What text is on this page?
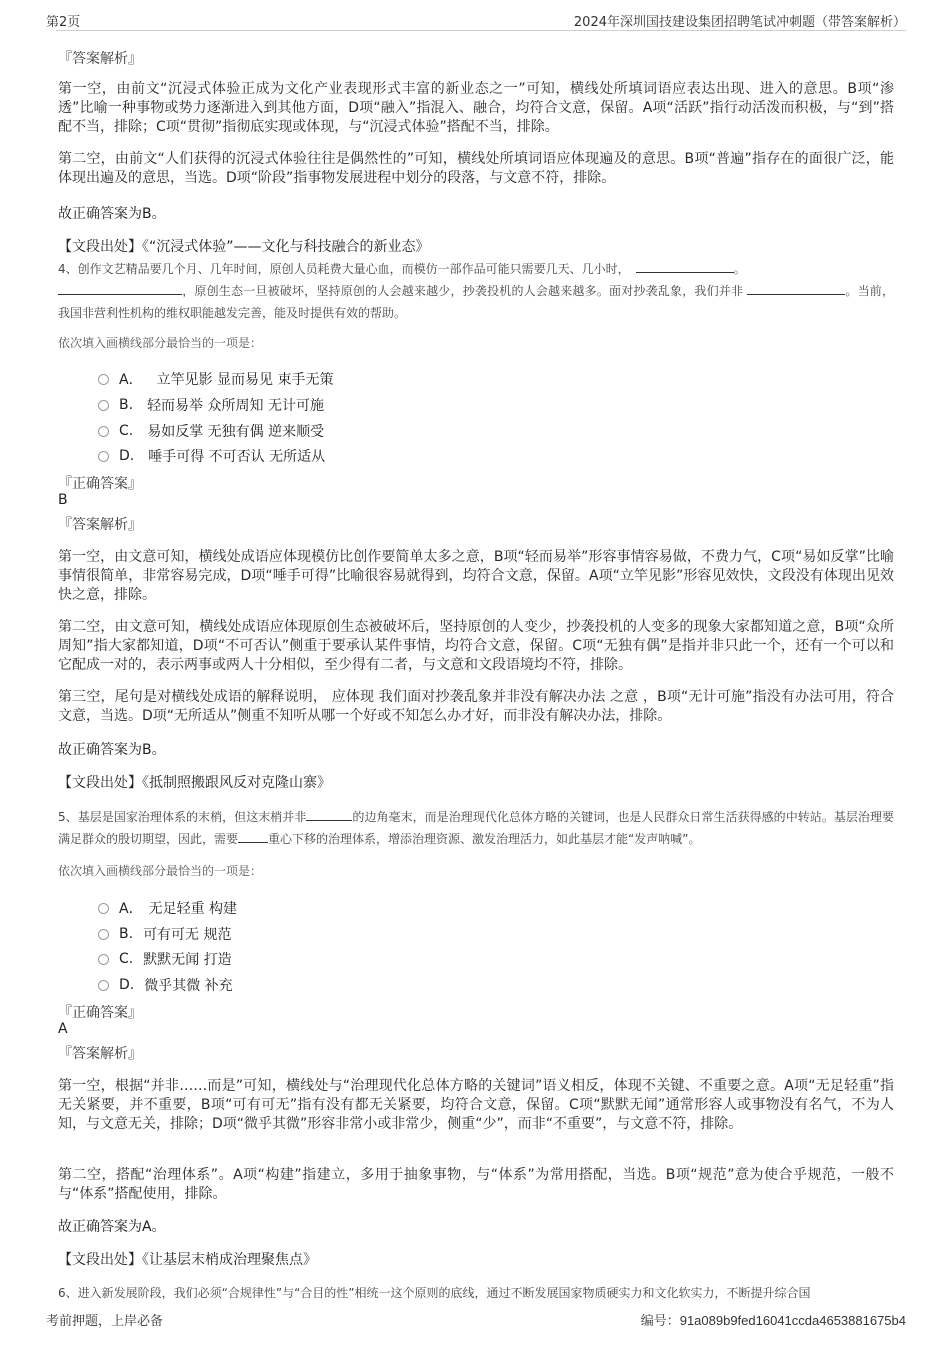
第2页	2024年深圳国技建设集团招聘笔试冲刺题（带答案解析）
『答案解析』
第一空，由前文“沉浸式体验正成为文化产业表现形式丰富的新业态之一”可知，横线处所填词语应表达出现、进入的意思。B项“渗透”比喻一种事物或势力逐渐进入到其他方面，D项“融入”指混入、融合，均符合文意，保留。A项“活跃”指行动活泼而积极，与“到”搭配不当，排除；C项“贯彻”指彻底实现或体现，与“沉浸式体验”搭配不当，排除。
第二空，由前文“人们获得的沉浸式体验往往是偶然性的”可知，横线处所填词语应体现遍及的意思。B项“普遍”指存在的面很广泛，能体现出遍及的意思，当选。D项“阶段”指事物发展进程中划分的段落，与文意不符，排除。
故正确答案为B。
【文段出处】《“沉浸式体验”——文化与科技融合的新业态》
4、创作文艺精品要几个月、几年时间，原创人员耗费大量心血，而模仿一部作品可能只需要几天、几小时，	。
，原创生态一旦被破坏，坚持原创的人会越来越少，抄袭投机的人会越来越多。面对抄袭乱象，我们并非	。当前，我国非营利性机构的维权职能越发完善，能及时提供有效的帮助。
依次填入画横线部分最恰当的一项是：
A． 立竿见影 显而易见 束手无策
B. 轻而易举 众所周知 无计可施
C. 易如反掌 无独有偶 逆来顺受
D. 唾手可得 不可否认 无所适从
『正确答案』
B
『答案解析』
第一空，由文意可知，横线处成语应体现模仿比创作要简单太多之意，B项“轻而易举”形容事情容易做，不费力气，C项“易如反掌”比喻事情很简单，非常容易完成，D项“唾手可得”比喻很容易就得到，均符合文意，保留。A项“立竿见影”形容见效快，文段没有体现出见效快之意，排除。
第二空，由文意可知，横线处成语应体现原创生态被破坏后，坚持原创的人变少，抄袭投机的人变多的现象大家都知道之意，B项“众所周知”指大家都知道，D项“不可否认”侧重于要承认某件事情，均符合文意，保留。C项“无独有偶”是指并非只此一个，还有一个可以和它配成一对的，表示两事或两人十分相似，至少得有二者，与文意和文段语境均不符，排除。
第三空，尾句是对横线处成语的解释说明， 应体现 我们面对抄袭乱象并非没有解决办法 之意 ，B项“无计可施”指没有办法可用，符合文意，当选。D项“无所适从”侧重不知听从哪一个好或不知怎么办才好，而非没有解决办法，排除。
故正确答案为B。
【文段出处】《抵制照搬跟风反对克隆山寨》
5、基层是国家治理体系的末梢，但这末梢并非	的边角毫末，而是治理现代化总体方略的关键词，也是人民群众日常生活获得感的中转站。基层治理要满足群众的殷切期望，因此，需要	重心下移的治理体系，增添治理资源、激发治理活力，如此基层才能“发声呐喊”。
依次填入画横线部分最恰当的一项是：
A． 无足轻重 构建
B. 可有可无 规范
C. 默默无闻 打造
D. 微乎其微 补充
『正确答案』
A
『答案解析』
第一空，根据“并非……而是”可知，横线处与“治理现代化总体方略的关键词”语义相反，体现不关键、不重要之意。A项“无足轻重”指无关紧要，并不重要，B项“可有可无”指有没有都无关紧要，均符合文意，保留。C项“默默无闻”通常形容人或事物没有名气，不为人知，与文意无关，排除；D项“微乎其微”形容非常小或非常少，侧重“少”，而非“不重要”，与文意不符，排除。
第二空，搭配“治理体系”。A项“构建”指建立，多用于抽象事物，与“体系”为常用搭配，当选。B项“规范”意为使合乎规范，一般不与“体系”搭配使用，排除。
故正确答案为A。
【文段出处】《让基层末梢成治理聚焦点》
6、进入新发展阶段，我们必须“合规律性”与“合目的性”相统一这个原则的底线，通过不断发展国家物质硬实力和文化软实力，不断提升综合国
考前押题，上岸必备	编号：91a089b9fed16041ccda4653881675b4
